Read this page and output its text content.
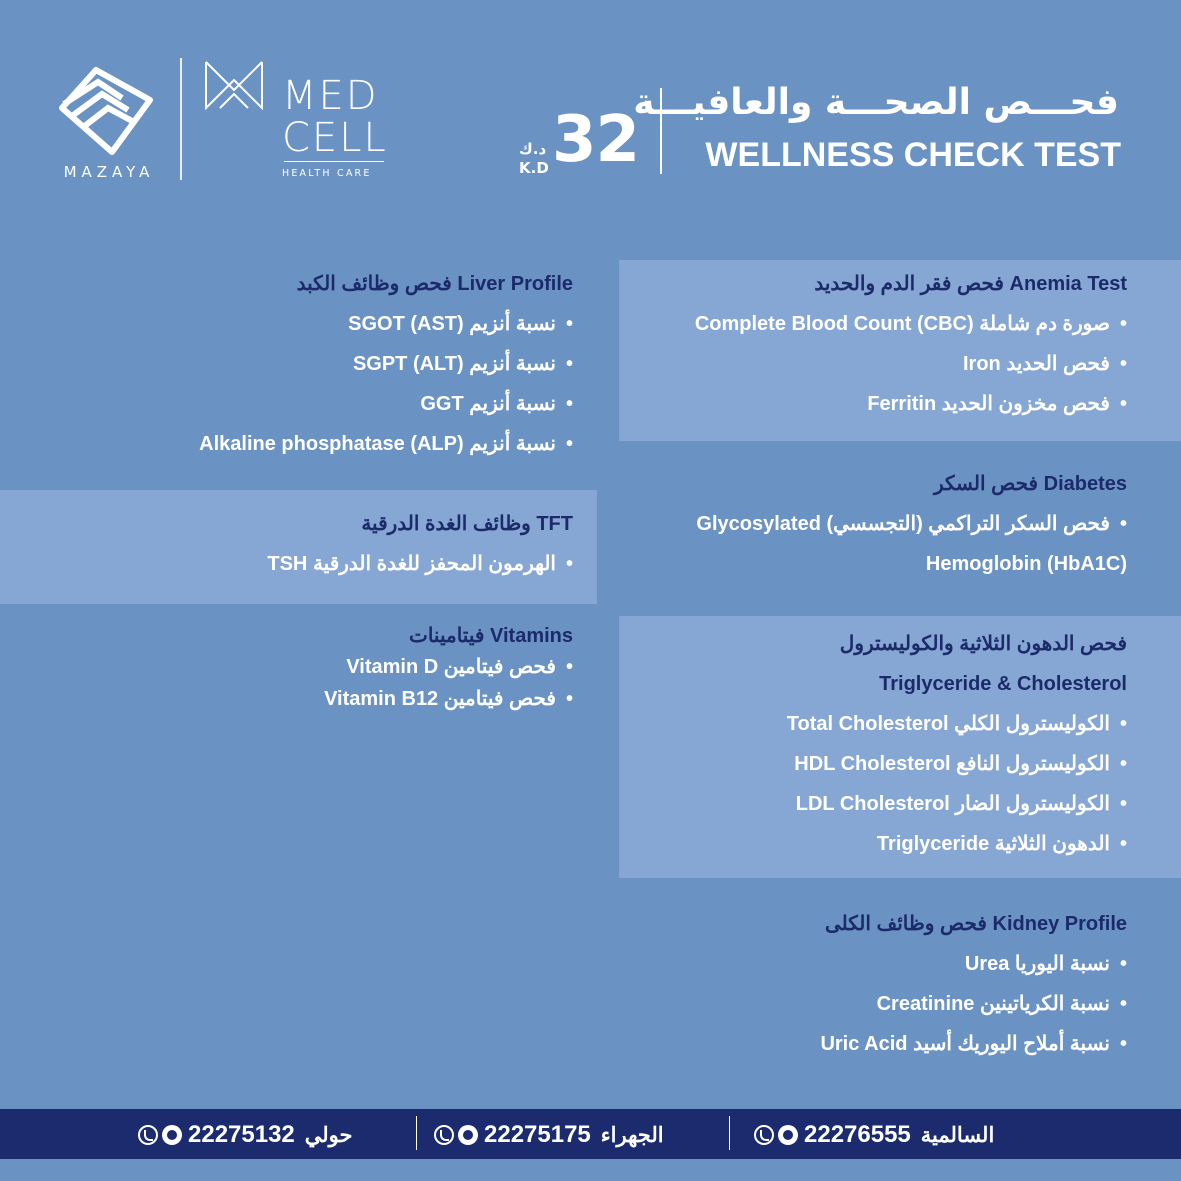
MAZAYA
MED
CELL
HEALTH CARE
د.ك
K.D 32
فحـــص الصحـــة والعافيـــة
WELLNESS CHECK TEST
فحص فقر الدم والحديد Anemia Test
Complete Blood Count (CBC) صورة دم شاملة •
Iron فحص الحديد •
Ferritin فحص مخزون الحديد •
فحص السكر Diabetes
Glycosylated فحص السكر التراكمي (التجسسي) •
Hemoglobin (HbA1C)
فحص الدهون الثلاثية والكوليسترول
Triglyceride & Cholesterol
Total Cholesterol الكوليسترول الكلي •
HDL Cholesterol الكوليسترول النافع •
LDL Cholesterol الكوليسترول الضار •
Triglyceride الدهون الثلاثية •
فحص وظائف الكلى Kidney Profile
Urea نسبة اليوريا •
Creatinine نسبة الكرياتينين •
Uric Acid نسبة أملاح اليوريك أسيد •
فحص وظائف الكبد Liver Profile
SGOT (AST) نسبة أنزيم •
SGPT (ALT) نسبة أنزيم •
GGT نسبة أنزيم •
Alkaline phosphatase (ALP) نسبة أنزيم •
وظائف الغدة الدرقية TFT
TSH الهرمون المحفز للغدة الدرقية •
فيتامينات Vitamins
Vitamin D فحص فيتامين •
Vitamin B12 فحص فيتامين •
22276555 السالمية
22275175 الجهراء
22275132 حولي
